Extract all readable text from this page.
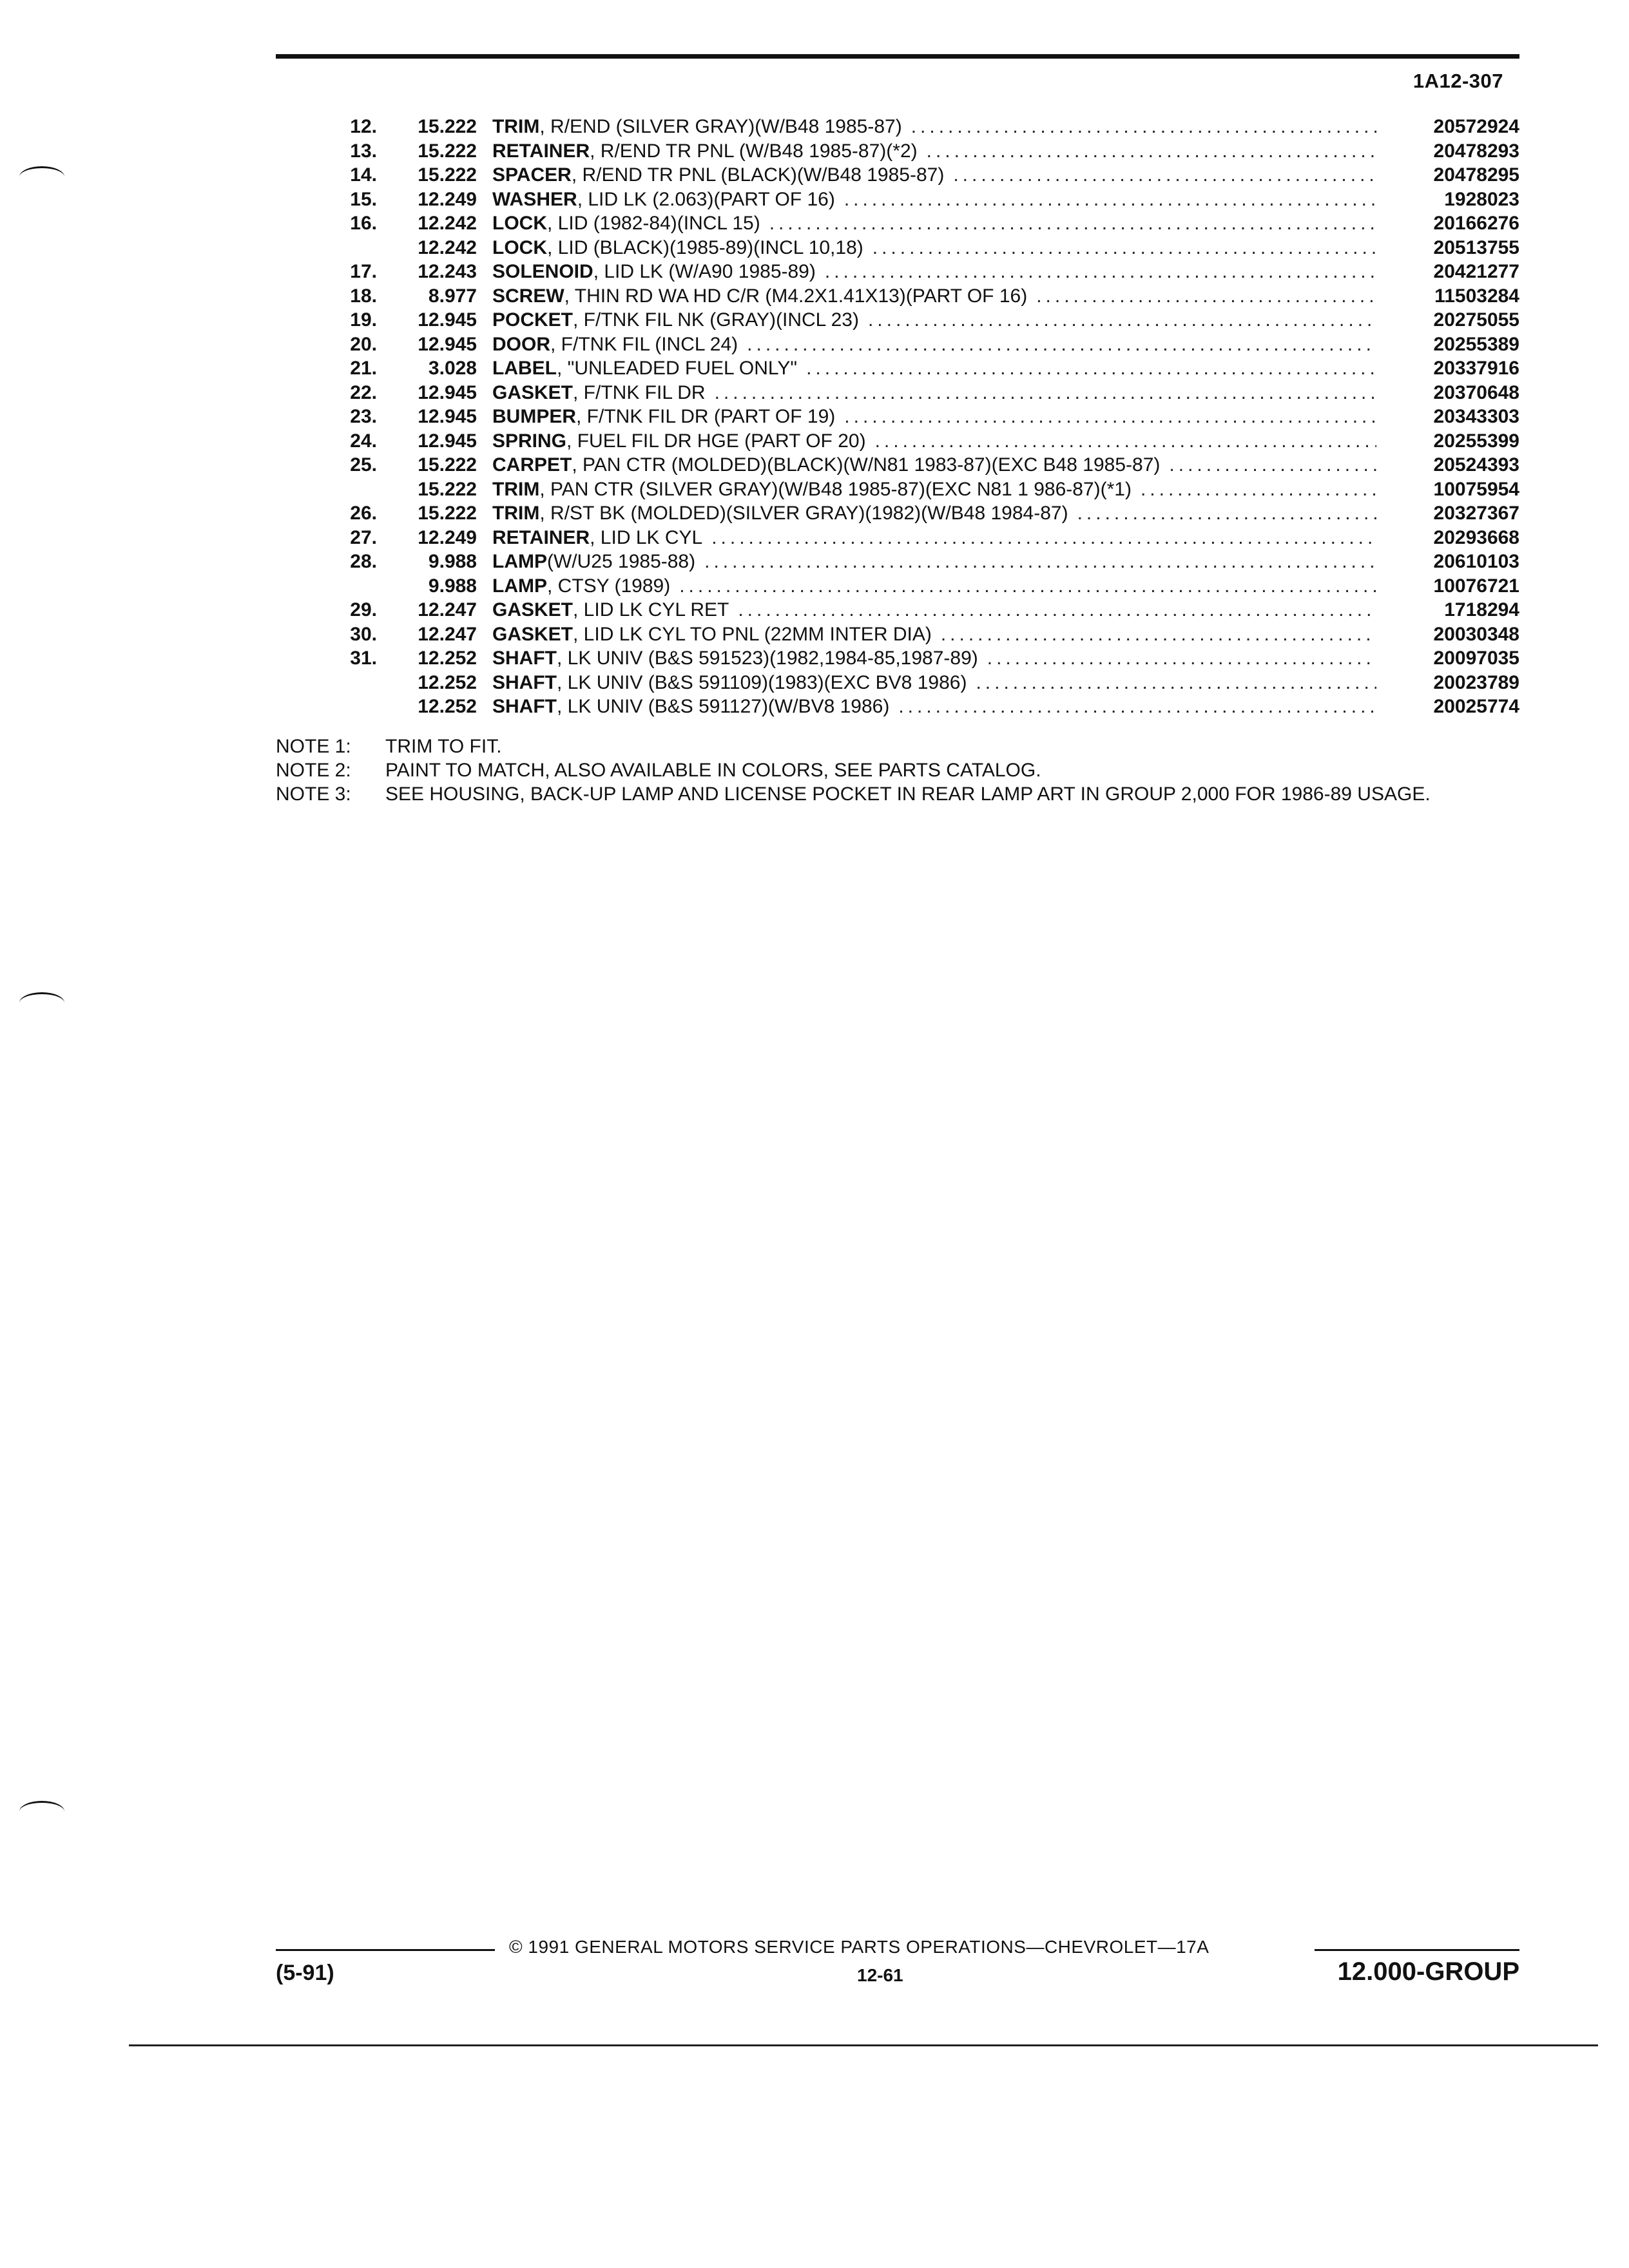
1A12-307
12.	15.222 TRIM , R/END (SILVER GRAY)(W/B48 1985-87) .....	20572924
13.	15.222 RETAINER , R/END TR PNL (W/B48 1985-87)(*2) .....	20478293
14.	15.222 SPACER , R/END TR PNL (BLACK)(W/B48 1985-87) .....	20478295
15.	12.249 WASHER , LID LK (2.063)(PART OF 16) .....	1928023
16.	12.242 LOCK , LID (1982-84)(INCL 15) .....	20166276
12.242 LOCK , LID (BLACK)(1985-89)(INCL 10,18) .....	20513755
17.	12.243 SOLENOID , LID LK (W/A90 1985-89) .....	20421277
18.	8.977 SCREW , THIN RD WA HD C/R (M4.2X1.41X13)(PART OF 16) .....	11503284
19.	12.945 POCKET , F/TNK FIL NK (GRAY)(INCL 23) .....	20275055
20.	12.945 DOOR , F/TNK FIL (INCL 24) .....	20255389
21.	3.028 LABEL , "UNLEADED FUEL ONLY" .....	20337916
22.	12.945 GASKET , F/TNK FIL DR .....	20370648
23.	12.945 BUMPER , F/TNK FIL DR (PART OF 19) .....	20343303
24.	12.945 SPRING , FUEL FIL DR HGE (PART OF 20) .....	20255399
25.	15.222 CARPET , PAN CTR (MOLDED)(BLACK)(W/N81 1983-87)(EXC B48 1985-87) .....	20524393
15.222 TRIM , PAN CTR (SILVER GRAY)(W/B48 1985-87)(EXC N81 1 986-87)(*1) .....	10075954
26.	15.222 TRIM , R/ST BK (MOLDED)(SILVER GRAY)(1982)(W/B48 1984-87) .....	20327367
27.	12.249 RETAINER , LID LK CYL .....	20293668
28.	9.988 LAMP (W/U25 1985-88) .....	20610103
9.988 LAMP , CTSY (1989) .....	10076721
29.	12.247 GASKET , LID LK CYL RET .....	1718294
30.	12.247 GASKET , LID LK CYL TO PNL (22MM INTER DIA) .....	20030348
31.	12.252 SHAFT , LK UNIV (B&S 591523)(1982,1984-85,1987-89) .....	20097035
12.252 SHAFT , LK UNIV (B&S 591109)(1983)(EXC BV8 1986) .....	20023789
12.252 SHAFT , LK UNIV (B&S 591127)(W/BV8 1986) .....	20025774
NOTE 1:	TRIM TO FIT.
NOTE 2:	PAINT TO MATCH, ALSO AVAILABLE IN COLORS, SEE PARTS CATALOG.
NOTE 3:	SEE HOUSING, BACK-UP LAMP AND LICENSE POCKET IN REAR LAMP ART IN GROUP 2,000 FOR 1986-89 USAGE.
© 1991 GENERAL MOTORS SERVICE PARTS OPERATIONS—CHEVROLET—17A
(5-91)	12-61	12.000-GROUP
